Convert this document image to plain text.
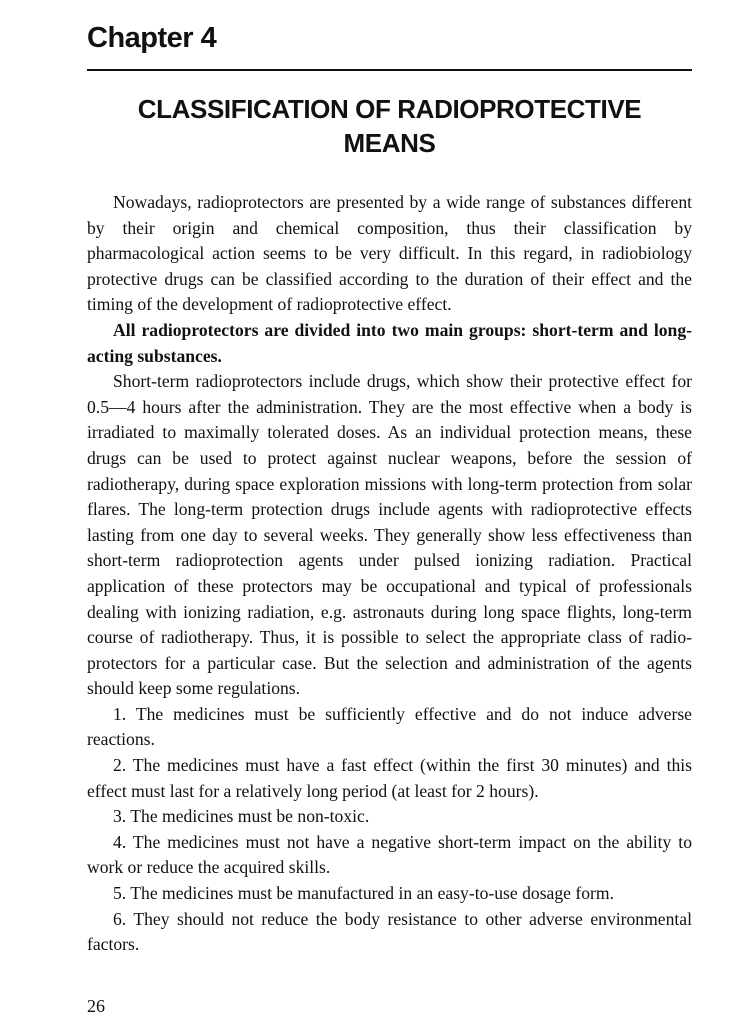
Chapter 4
CLASSIFICATION OF RADIOPROTECTIVE
MEANS

Nowadays, radioprotectors are presented by a wide range of substances different by their origin and chemical composition, thus their classification by pharmacological action seems to be very difficult. In this regard, in radiobiology protective drugs can be classified according to the duration of their effect and the timing of the development of radioprotective effect.

All radioprotectors are divided into two main groups: short-term and long-acting substances.

Short-term radioprotectors include drugs, which show their protective effect for 0.5—4 hours after the administration. They are the most effective when a body is irradiated to maximally tolerated doses. As an individual protection means, these drugs can be used to protect against nuclear weapons, before the session of radiotherapy, during space exploration missions with long-term protection from solar flares. The long-term protection drugs include agents with radioprotective effects lasting from one day to several weeks. They generally show less effectiveness than short-term radioprotection agents under pulsed ionizing radiation. Practical application of these protectors may be occupational and typical of professionals dealing with ionizing radiation, e.g. astronauts during long space flights, long-term course of radiotherapy. Thus, it is possible to select the appropriate class of radioprotectors for a particular case. But the selection and administration of the agents should keep some regulations.

1. The medicines must be sufficiently effective and do not induce adverse reactions.

2. The medicines must have a fast effect (within the first 30 minutes) and this effect must last for a relatively long period (at least for 2 hours).

3. The medicines must be non-toxic.

4. The medicines must not have a negative short-term impact on the ability to work or reduce the acquired skills.

5. The medicines must be manufactured in an easy-to-use dosage form.

6. They should not reduce the body resistance to other adverse environmental factors.

26
